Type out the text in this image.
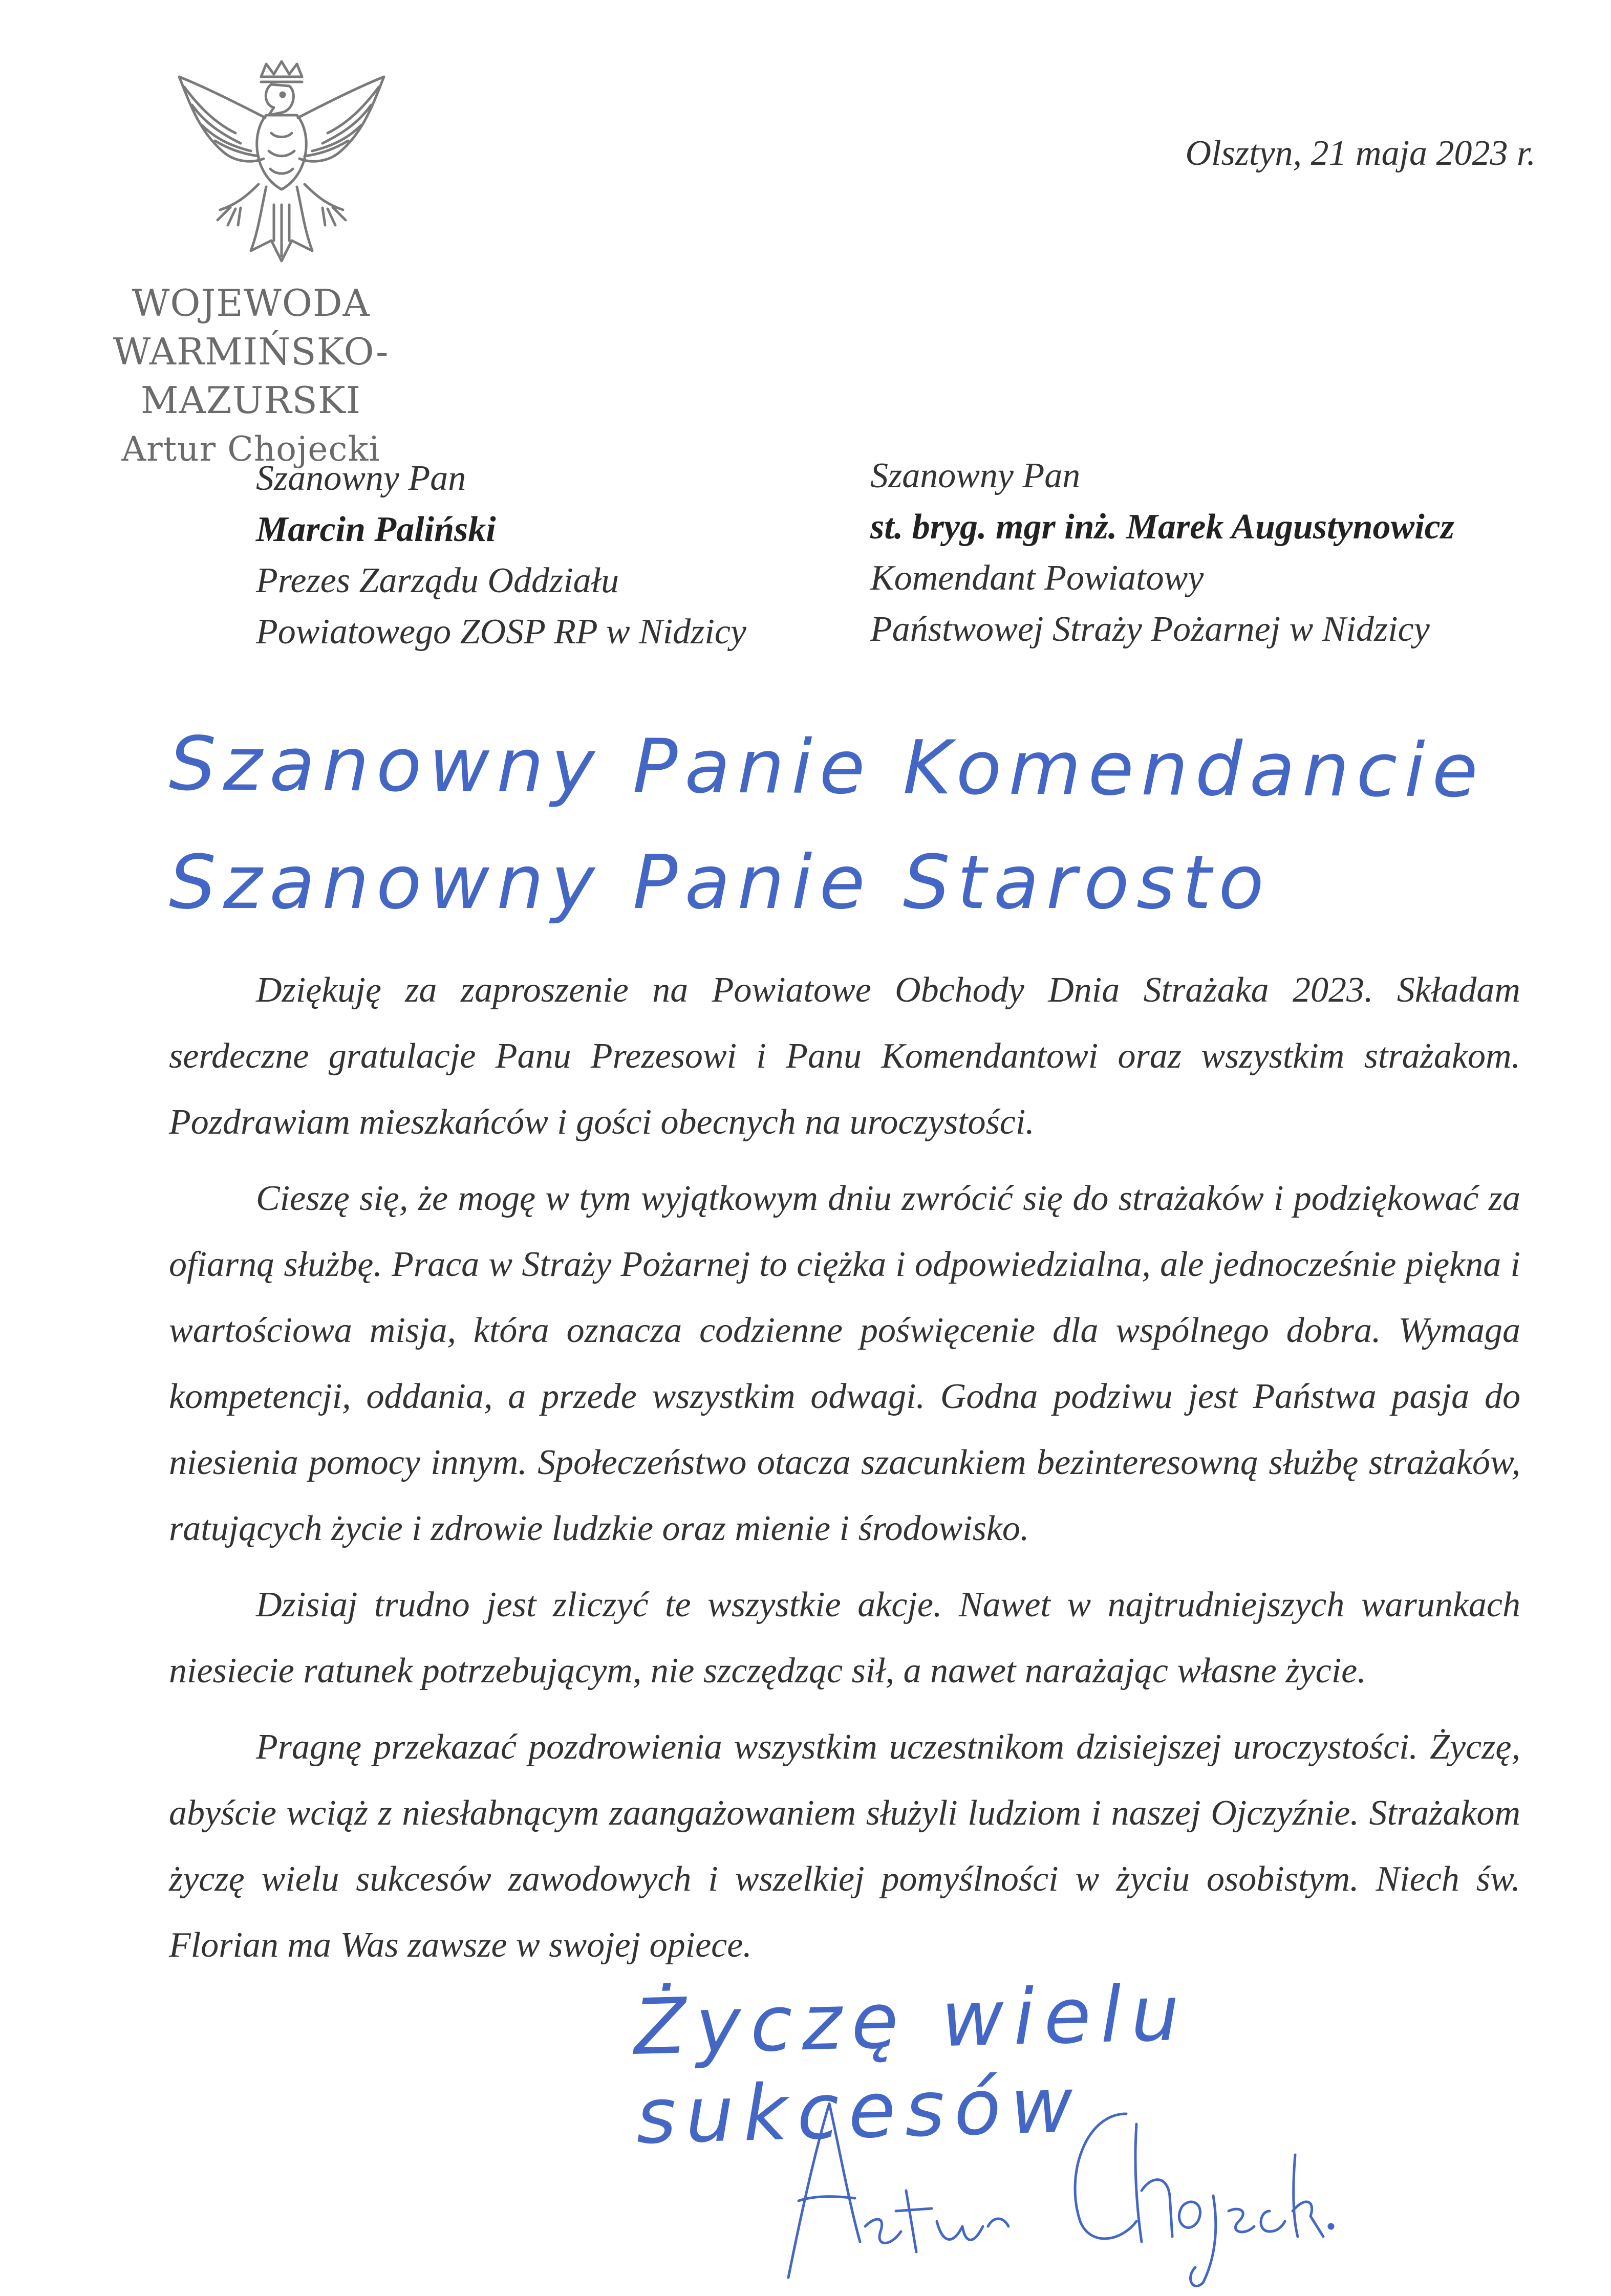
WOJEWODA
WARMIŃSKO-MAZURSKI
Artur Chojecki
Olsztyn, 21 maja 2023 r.
Szanowny Pan
Marcin Paliński
Prezes Zarządu Oddziału
Powiatowego ZOSP RP w Nidzicy
Szanowny Pan
st. bryg. mgr inż. Marek Augustynowicz
Komendant Powiatowy
Państwowej Straży Pożarnej w Nidzicy
Szanowny Panie Komendancie
Szanowny Panie Starosto

Dziękuję za zaproszenie na Powiatowe Obchody Dnia Strażaka 2023. Składam serdeczne gratulacje Panu Prezesowi i Panu Komendantowi oraz wszystkim strażakom. Pozdrawiam mieszkańców i gości obecnych na uroczystości.

Cieszę się, że mogę w tym wyjątkowym dniu zwrócić się do strażaków i podziękować za ofiarną służbę. Praca w Straży Pożarnej to ciężka i odpowiedzialna, ale jednocześnie piękna i wartościowa misja, która oznacza codzienne poświęcenie dla wspólnego dobra. Wymaga kompetencji, oddania, a przede wszystkim odwagi. Godna podziwu jest Państwa pasja do niesienia pomocy innym. Społeczeństwo otacza szacunkiem bezinteresowną służbę strażaków, ratujących życie i zdrowie ludzkie oraz mienie i środowisko.

Dzisiaj trudno jest zliczyć te wszystkie akcje. Nawet w najtrudniejszych warunkach niesiecie ratunek potrzebującym, nie szczędząc sił, a nawet narażając własne życie.

Pragnę przekazać pozdrowienia wszystkim uczestnikom dzisiejszej uroczystości. Życzę, abyście wciąż z niesłabnącym zaangażowaniem służyli ludziom i naszej Ojczyźnie. Strażakom życzę wielu sukcesów zawodowych i wszelkiej pomyślności w życiu osobistym. Niech św. Florian ma Was zawsze w swojej opiece.

Życzę wielu sukcesów
